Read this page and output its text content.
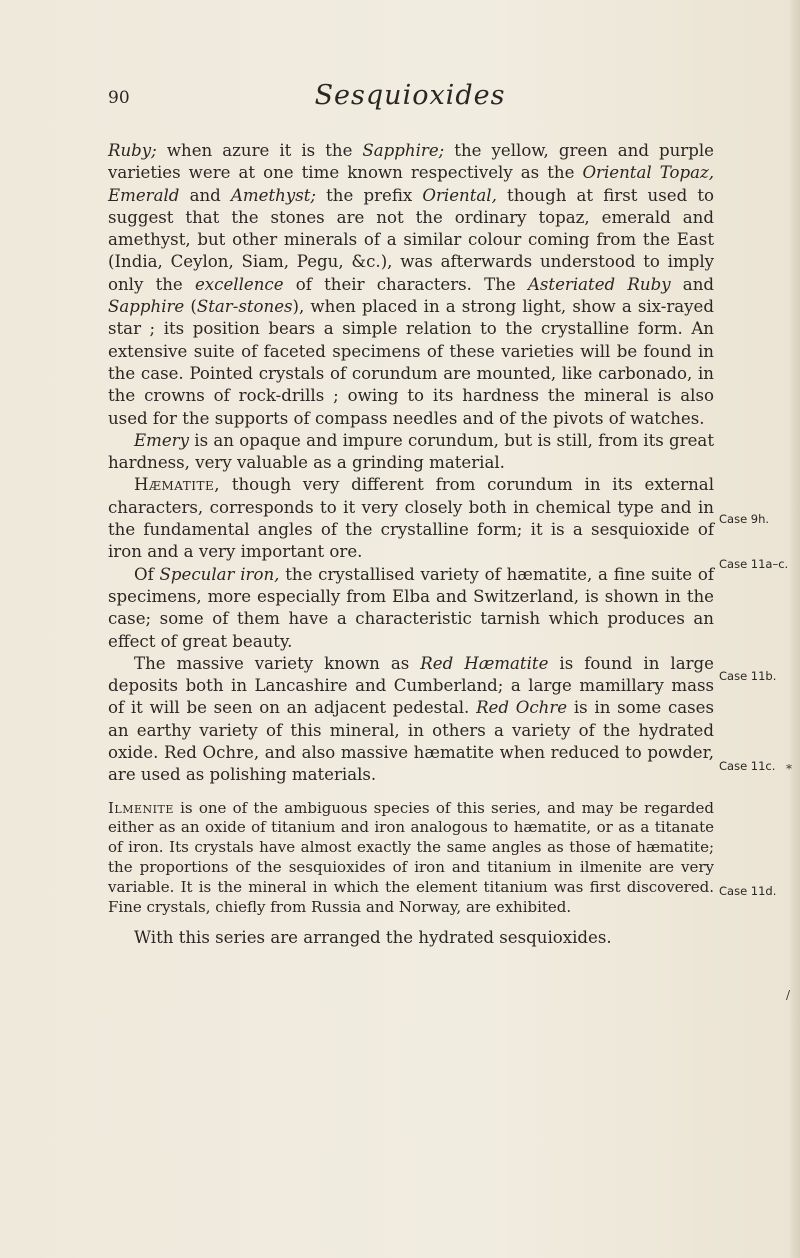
90	Sesquioxides

Ruby; when azure it is the Sapphire; the yellow, green and purple varieties were at one time known respectively as the Oriental Topaz, Emerald and Amethyst; the prefix Oriental, though at first used to suggest that the stones are not the ordinary topaz, emerald and amethyst, but other minerals of a similar colour coming from the East (India, Ceylon, Siam, Pegu, &c.), was afterwards understood to imply only the excellence of their characters. The Asteriated Ruby and Sapphire (Star-stones), when placed in a strong light, show a six-rayed star ; its position bears a simple relation to the crystalline form. An extensive suite of faceted specimens of these varieties will be found in the case. Pointed crystals of corundum are mounted, like carbonado, in the crowns of rock-drills ; owing to its hardness the mineral is also used for the supports of compass needles and of the pivots of watches.

Emery is an opaque and impure corundum, but is still, from its great hardness, very valuable as a grinding material.

Hæmatite, though very different from corundum in its external characters, corresponds to it very closely both in chemical type and in the fundamental angles of the crystalline form; it is a sesquioxide of iron and a very important ore.

Of Specular iron, the crystallised variety of hæmatite, a fine suite of specimens, more especially from Elba and Switzerland, is shown in the case; some of them have a characteristic tarnish which produces an effect of great beauty.

The massive variety known as Red Hæmatite is found in large deposits both in Lancashire and Cumberland; a large mamillary mass of it will be seen on an adjacent pedestal. Red Ochre is in some cases an earthy variety of this mineral, in others a variety of the hydrated oxide. Red Ochre, and also massive hæmatite when reduced to powder, are used as polishing materials.

Ilmenite is one of the ambiguous species of this series, and may be regarded either as an oxide of titanium and iron analogous to hæmatite, or as a titanate of iron. Its crystals have almost exactly the same angles as those of hæmatite; the proportions of the sesquioxides of iron and titanium in ilmenite are very variable. It is the mineral in which the element titanium was first discovered. Fine crystals, chiefly from Russia and Norway, are exhibited.

With this series are arranged the hydrated sesquioxides.

Case 9h.
Case 11a–c.
Case 11b.
Case 11c.
Case 11d.
⁎
/
